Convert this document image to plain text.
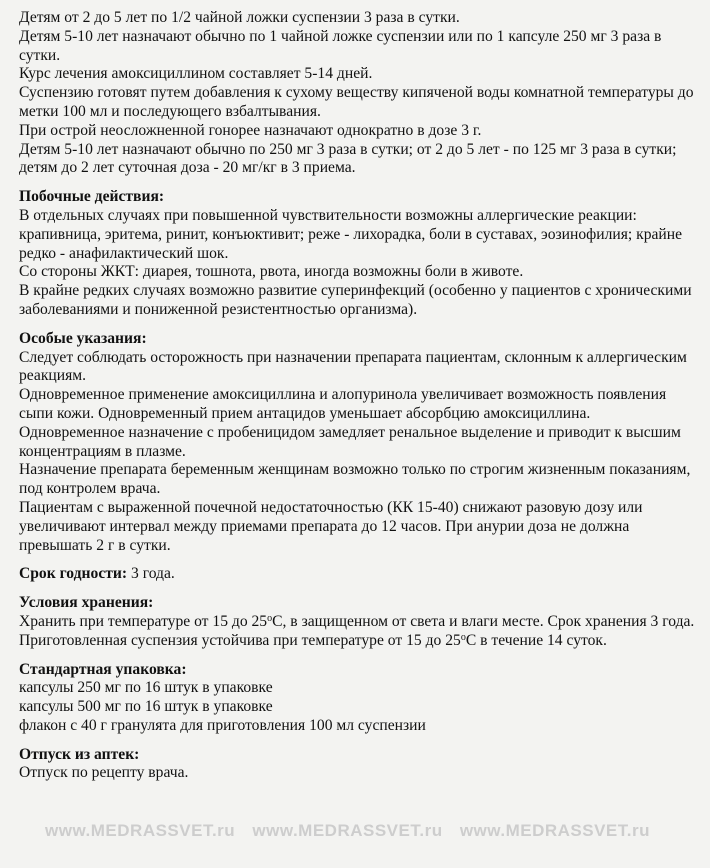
Детям от 2 до 5 лет по 1/2 чайной ложки суспензии 3 раза в сутки.

Детям 5-10 лет назначают обычно по 1 чайной ложке суспензии или по 1 капсуле 250 мг 3 раза в сутки.

Курс лечения амоксициллином составляет 5-14 дней.

Суспензию готовят путем добавления к сухому веществу кипяченой воды комнатной температуры до метки 100 мл и последующего взбалтывания.

При острой неосложненной гонорее назначают однократно в дозе 3 г.

Детям 5-10 лет назначают обычно по 250 мг 3 раза в сутки; от 2 до 5 лет - по 125 мг 3 раза в сутки; детям до 2 лет суточная доза - 20 мг/кг в 3 приема.

Побочные действия:

В отдельных случаях при повышенной чувствительности возможны аллергические реакции: крапивница, эритема, ринит, конъюктивит; реже - лихорадка, боли в суставах, эозинофилия; крайне редко - анафилактический шок.

Со стороны ЖКТ: диарея, тошнота, рвота, иногда возможны боли в животе.

В крайне редких случаях возможно развитие суперинфекций (особенно у пациентов с хроническими заболеваниями и пониженной резистентностью организма).

Особые указания:

Следует соблюдать осторожность при назначении препарата пациентам, склонным к аллергическим реакциям.

Одновременное применение амоксициллина и алопуринола увеличивает возможность появления сыпи кожи. Одновременный прием антацидов уменьшает абсорбцию амоксициллина.

Одновременное назначение с пробеницидом замедляет ренальное выделение и приводит к высшим концентрациям в плазме.

Назначение препарата беременным женщинам возможно только по строгим жизненным показаниям, под контролем врача.

Пациентам с выраженной почечной недостаточностью (КК 15-40) снижают разовую дозу или увеличивают интервал между приемами препарата до 12 часов. При анурии доза не должна превышать 2 г в сутки.

Срок годности: 3 года.

Условия хранения:

Хранить при температуре от 15 до 25$^o$С, в защищенном от света и влаги месте. Срок хранения 3 года.

Приготовленная суспензия устойчива при температуре от 15 до 25$^o$С в течение 14 суток.

Стандартная упаковка:

капсулы 250 мг по 16 штук в упаковке

капсулы 500 мг по 16 штук в упаковке

флакон с 40 г гранулята для приготовления 100 мл суспензии

Отпуск из аптек:

Отпуск по рецепту врача.

www.MEDRASSVET.ru www.MEDRASSVET.ru www.MEDRASSVET.ru
